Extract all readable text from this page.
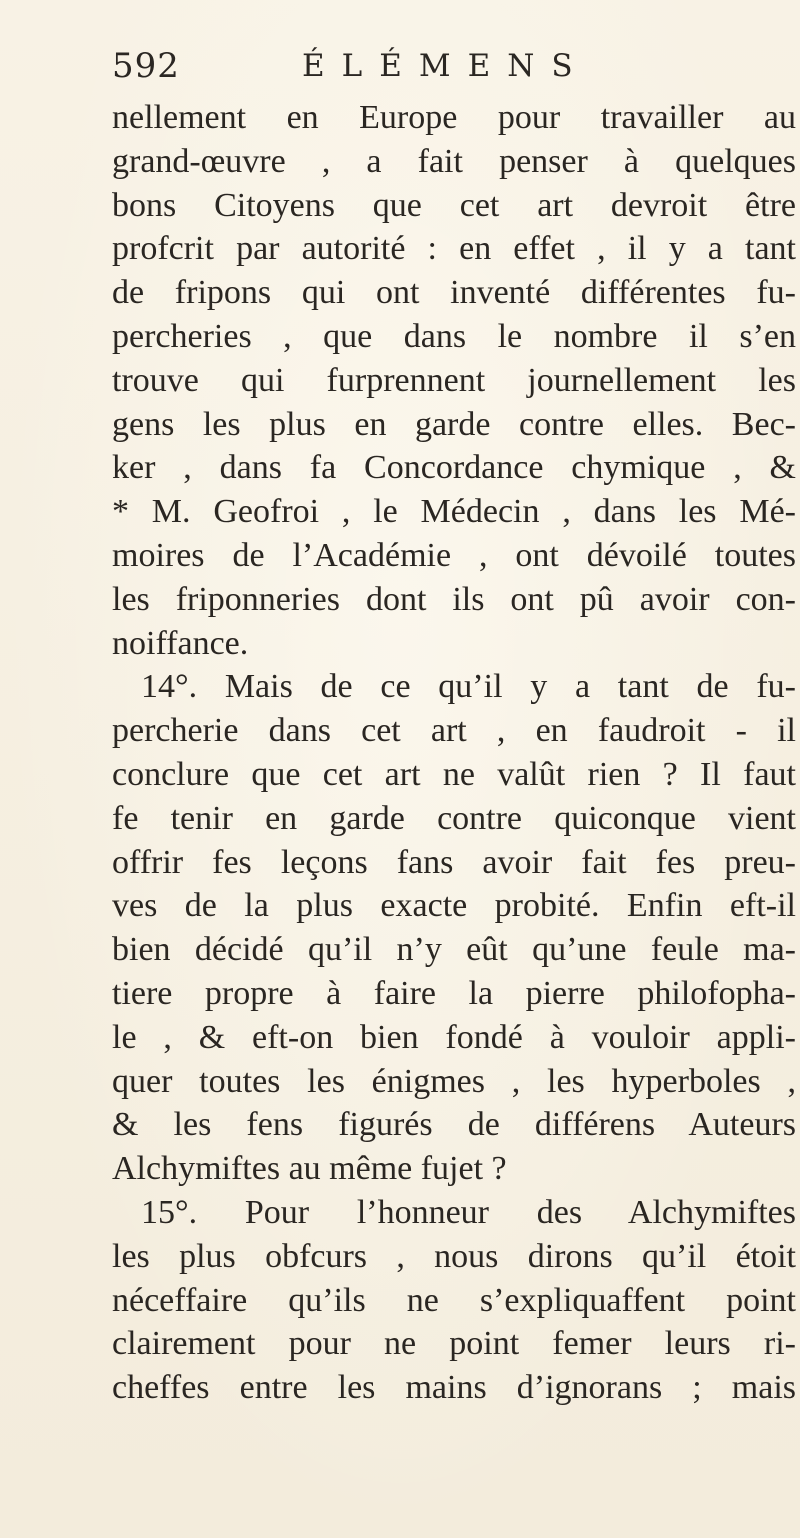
592	ÉLÉMENS
nellement en Europe pour travailler au
grand-œuvre , a fait penser à quelques
bons Citoyens que cet art devroit être
profcrit par autorité : en effet , il y a tant
de fripons qui ont inventé différentes fu-
percheries , que dans le nombre il s’en
trouve qui furprennent journellement les
gens les plus en garde contre elles. Bec-
ker , dans fa Concordance chymique , &
* M. Geofroi , le Médecin , dans les Mé-
moires de l’Académie , ont dévoilé toutes
les friponneries dont ils ont pû avoir con-
noiffance.
14°. Mais de ce qu’il y a tant de fu-
percherie dans cet art , en faudroit - il
conclure que cet art ne valût rien ? Il faut
fe tenir en garde contre quiconque vient
offrir fes leçons fans avoir fait fes preu-
ves de la plus exacte probité. Enfin eft-il
bien décidé qu’il n’y eût qu’une feule ma-
tiere propre à faire la pierre philofopha-
le , & eft-on bien fondé à vouloir appli-
quer toutes les énigmes , les hyperboles ,
& les fens figurés de différens Auteurs
Alchymiftes au même fujet ?
15°. Pour l’honneur des Alchymiftes
les plus obfcurs , nous dirons qu’il étoit
néceffaire qu’ils ne s’expliquaffent point
clairement pour ne point femer leurs ri-
cheffes entre les mains d’ignorans ; mais
